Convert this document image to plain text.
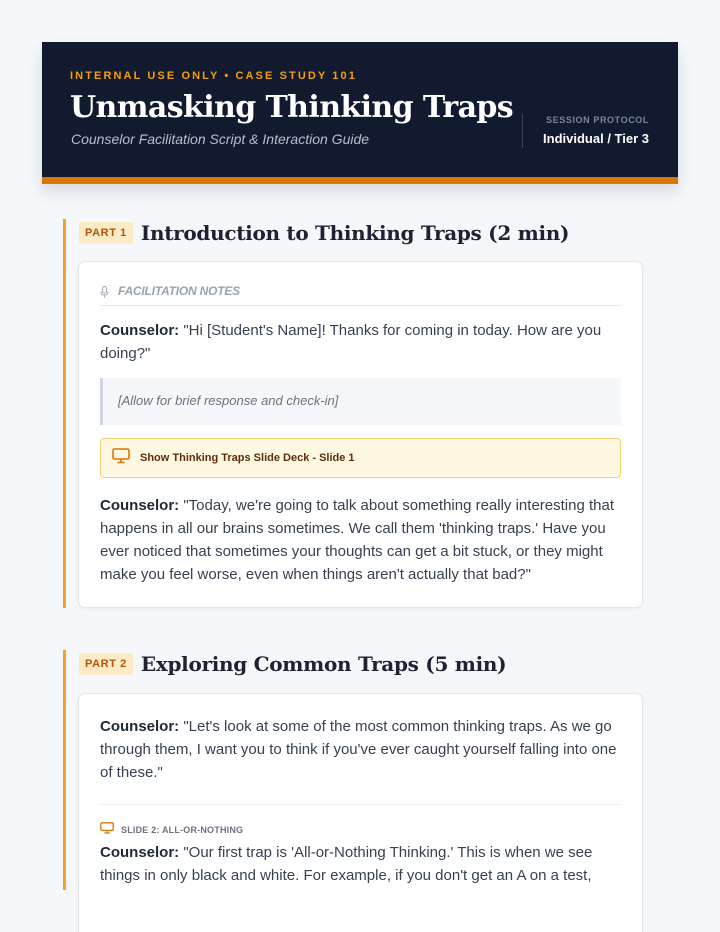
INTERNAL USE ONLY • CASE STUDY 101
Unmasking Thinking Traps
Counselor Facilitation Script & Interaction Guide
SESSION PROTOCOL
Individual / Tier 3
PART 1 Introduction to Thinking Traps (2 min)
FACILITATION NOTES
Counselor: "Hi [Student's Name]! Thanks for coming in today. How are you doing?"
[Allow for brief response and check-in]
Show Thinking Traps Slide Deck - Slide 1
Counselor: "Today, we're going to talk about something really interesting that happens in all our brains sometimes. We call them 'thinking traps.' Have you ever noticed that sometimes your thoughts can get a bit stuck, or they might make you feel worse, even when things aren't actually that bad?"
PART 2 Exploring Common Traps (5 min)
Counselor: "Let's look at some of the most common thinking traps. As we go through them, I want you to think if you've ever caught yourself falling into one of these."
SLIDE 2: ALL-OR-NOTHING
Counselor: "Our first trap is 'All-or-Nothing Thinking.' This is when we see things in only black and white. For example, if you don't get an A on a test,
